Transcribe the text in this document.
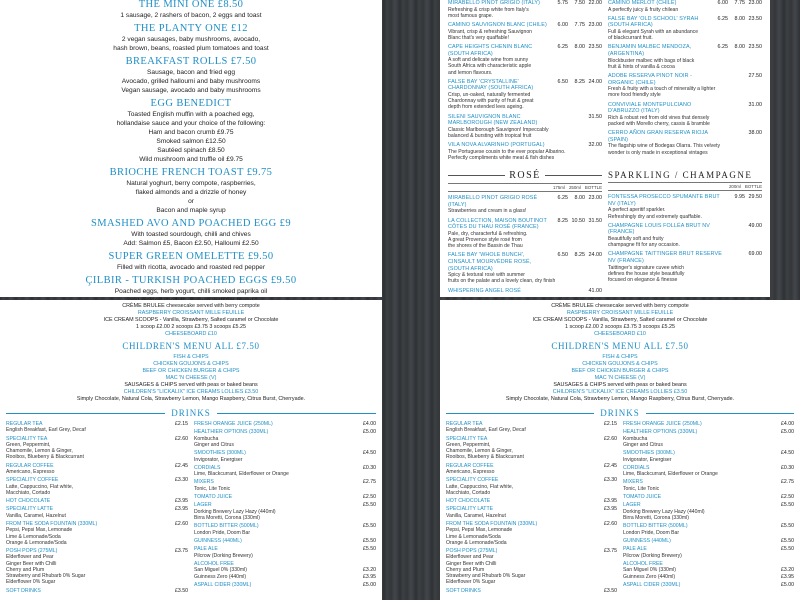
THE MINI ONE £8.50
1 sausage, 2 rashers of bacon, 2 eggs and toast
THE PLANTY ONE £12
2 vegan sausages, baby mushrooms, avocado,
hash brown, beans, roasted plum tomatoes and toast
BREAKFAST ROLLS £7.50
Sausage, bacon and fried egg
Avocado, grilled halloumi and baby mushrooms
Vegan sausage, avocado and baby mushrooms
EGG BENEDICT
Toasted English muffin with a poached egg,
hollandaise sauce and your choice of the following:
Ham and bacon crumb £9.75
Smoked salmon £12.50
Sautéed spinach £8.50
Wild mushroom and truffle oil £9.75
BRIOCHE FRENCH TOAST £9.75
Natural yoghurt, berry compote, raspberries,
flaked almonds and a drizzle of honey
or
Bacon and maple syrup
SMASHED AVO AND POACHED EGG £9
With toasted sourdough, chilli and chives
Add: Salmon £5, Bacon £2.50, Halloumi £2.50
SUPER GREEN OMELETTE £9.50
Filled with ricotta, avocado and roasted red pepper
ÇILBIR - TURKISH POACHED EGGS £9.50
Poached eggs, herb yogurt, chilli smoked paprika oil
MIRABELLO PINOT GRIGIO (ITALY)	5.75	7.50 22.00
Refreshing & crisp white from Italy's
most famous grape.
CAMINO SAUVIGNON BLANC (CHILE)	6.00	7.75 23.00
Vibrant, crisp & refreshing Sauvignon
Blanc that's very quaffable!
CAPE HEIGHTS CHENIN BLANC (SOUTH AFRICA)
6.25	8.00 23.50
A soft and delicate wine from sunny
South Africa with characteristic apple
and lemon flavours.
FALSE BAY 'CRYSTALLINE' CHARDONNAY (SOUTH AFRICA)
6.50	8.25 24.00
Crisp, un-oaked, naturally fermented
Chardonnay with purity of fruit & great
depth from extended lees ageing.
SILENI SAUVIGNON BLANC MARLBOROUGH (NEW ZEALAND)
31.50
Classic Marlborough Sauvignon! Impeccably
balanced & bursting with tropical fruit
VILA NOVA ALVARINHO (PORTUGAL)	32.00
The Portuguese cousin to the ever popular Albarino.
Perfectly compliments white meat & fish dishes
CAMINO MERLOT (CHILE)	6.00	7.75 23.00
A perfectly juicy & fruity chilean
FALSE BAY 'OLD SCHOOL' SYRAH (SOUTH AFRICA)
6.25	8.00 23.50
Full & elegant Syrah with an abundance
of blackcurrant fruit.
BENJAMIN MALBEC MENDOZA, (ARGENTINA)
6.25	8.00 23.50
Blockbuster malbec with bags of black
fruit & hints of vanilla & cocoa
ADOBE RESERVA PINOT NOIR - ORGANIC (CHILE)
27.50
Fresh & fruity with a touch of minerality a lighter
more food friendly style
CONVIVIALE MONTEPULCIANO D'ABRUZZO (ITALY)
31.00
Rich & robust red from old vines that densely
packed with Morello cherry, cassis & bramble
CERRO AÑON GRAN RESERVA RIOJA (SPAIN)
38.00
The flagship wine of Bodegas Olarra. This velvety
wonder is only made in exceptional vintages
ROSÉ
175ml 250ml BOTTLE
MIRABELLO PINOT GRIGIO ROSÉ (ITALY)
6.25	8.00 23.00
Strawberries and cream in a glass!
LA COLLECTION, MAISON BOUTINOT CÔTES DU THAU ROSÉ (FRANCE)
8.25 10.50 31.50
Pale, dry, characterful & refreshing.
A great Provence style rosé from
the shores of the Bassin de Thau
FALSE BAY 'WHOLE BUNCH', CINSAULT MOURVÈDRE ROSÉ, (SOUTH AFRICA)
6.50	8.25 24.00
Spicy & textural rosé with summer
fruits on the palate and a lovely clean, dry finish
WHISPERING ANGEL ROSÉ	41.00
SPARKLING / CHAMPAGNE
200ml BOTTLE
FONTESSA PROSECCO SPUMANTE BRUT NV (ITALY)
9.95 29.50
A perfect aperitif sparkler.
Refreshingly dry and extremely quaffable.
CHAMPAGNE LOUIS FOLLÉA BRUT NV (FRANCE)
49.00
Beautifully soft and fruity
champagne fit for any occasion.
CHAMPAGNE TAITTINGER BRUT RESERVE NV (FRANCE)
69.00
Taittinger's signature cuvee which
defines the house style beautifully
focused on elegance & finesse
CRÈME BRULEE cheesecake served with berry compote
RASPBERRY CROISSANT MILLE FEUILLE
ICE CREAM SCOOPS - Vanilla, Strawberry, Salted caramel or Chocolate
1 scoop £2.00 2 scoops £3.75 3 scoops £5.25
CHEESEBOARD £10
CHILDREN'S MENU ALL £7.50
FISH & CHIPS
CHICKEN GOUJONS & CHIPS
BEEF OR CHICKEN BURGER & CHIPS
MAC 'N CHEESE (V)
SAUSAGES & CHIPS served with peas or baked beans
CHILDREN'S "LICKALIX" ICE CREAMS LOLLIES £3.50
Simply Chocolate, Natural Cola, Strawberry Lemon, Mango Raspberry, Citrus Burst, Cherryade.
DRINKS
REGULAR TEA	£2.15
English Breakfast, Earl Grey, Decaf
SPECIALITY TEA	£2.60
Green, Peppermint,
Chamomile, Lemon & Ginger,
Rooibos, Blueberry & Blackcurrant
REGULAR COFFEE	£2.45
Americano, Espresso
SPECIALITY COFFEE	£3.30
Latte, Cappuccino, Flat white,
Macchiato, Cortado
HOT CHOCOLATE	£3.95
SPECIALITY LATTE	£3.95
Vanilla, Caramel, Hazelnut
FROM THE SODA FOUNTAIN (330ML)	£2.60
Pepsi, Pepsi Max, Lemonade
Lime & Lemonade/Soda
Orange & Lemonade/Soda
POSH POPS (275ML)	£3.75
Elderflower and Pear
Ginger Beer with Chilli
Cherry and Plum
Strawberry and Rhubarb 0% Sugar
Elderflower 0% Sugar
SOFT DRINKS	£3.50
FRESH ORANGE JUICE (250ML)	£4.00
HEALTHIER OPTIONS (330ML)	£5.00
Kombucha
Ginger and Citrus
SMOOTHIES (300ML)	£4.50
Invigorator, Energiser
CORDIALS	£0.30
Lime, Blackcurrant, Elderflower or Orange
MIXERS	£2.75
Tonic, Lite Tonic
TOMATO JUICE	£2.50
LAGER	£5.50
Dorking Brewery Lazy Hazy (440ml)
Birra Moretti, Corona (330ml)
BOTTLED BITTER (500ML)	£5.50
London Pride, Doom Bar
GUINNESS (440ML)	£5.50
PALE ALE	£5.50
Pilcrow (Dorking Brewery)
ALCOHOL FREE
San Miguel 0% (330ml)	£3.20
Guinness Zero (440ml)	£3.95
ASPALL CIDER (330ML)	£5.00
CRÈME BRULEE cheesecake served with berry compote
RASPBERRY CROISSANT MILLE FEUILLE
ICE CREAM SCOOPS - Vanilla, Strawberry, Salted caramel or Chocolate
1 scoop £2.00 2 scoops £3.75 3 scoops £5.25
CHEESEBOARD £10
CHILDREN'S MENU ALL £7.50
FISH & CHIPS
CHICKEN GOUJONS & CHIPS
BEEF OR CHICKEN BURGER & CHIPS
MAC 'N CHEESE (V)
SAUSAGES & CHIPS served with peas or baked beans
CHILDREN'S "LICKALIX" ICE CREAMS LOLLIES £3.50
Simply Chocolate, Natural Cola, Strawberry Lemon, Mango Raspberry, Citrus Burst, Cherryade.
DRINKS
REGULAR TEA	£2.15
English Breakfast, Earl Grey, Decaf
SPECIALITY TEA	£2.60
Green, Peppermint,
Chamomile, Lemon & Ginger,
Rooibos, Blueberry & Blackcurrant
REGULAR COFFEE	£2.45
Americano, Espresso
SPECIALITY COFFEE	£3.30
Latte, Cappuccino, Flat white,
Macchiato, Cortado
HOT CHOCOLATE	£3.95
SPECIALITY LATTE	£3.95
Vanilla, Caramel, Hazelnut
FROM THE SODA FOUNTAIN (330ML)	£2.60
Pepsi, Pepsi Max, Lemonade
Lime & Lemonade/Soda
Orange & Lemonade/Soda
POSH POPS (275ML)	£3.75
Elderflower and Pear
Ginger Beer with Chilli
Cherry and Plum
Strawberry and Rhubarb 0% Sugar
Elderflower 0% Sugar
SOFT DRINKS	£3.50
FRESH ORANGE JUICE (250ML)	£4.00
HEALTHIER OPTIONS (330ML)	£5.00
Kombucha
Ginger and Citrus
SMOOTHIES (300ML)	£4.50
Invigorator, Energiser
CORDIALS	£0.30
Lime, Blackcurrant, Elderflower or Orange
MIXERS	£2.75
Tonic, Lite Tonic
TOMATO JUICE	£2.50
LAGER	£5.50
Dorking Brewery Lazy Hazy (440ml)
Birra Moretti, Corona (330ml)
BOTTLED BITTER (500ML)	£5.50
London Pride, Doom Bar
GUINNESS (440ML)	£5.50
PALE ALE	£5.50
Pilcrow (Dorking Brewery)
ALCOHOL FREE
San Miguel 0% (330ml)	£3.20
Guinness Zero (440ml)	£3.95
ASPALL CIDER (330ML)	£5.00
